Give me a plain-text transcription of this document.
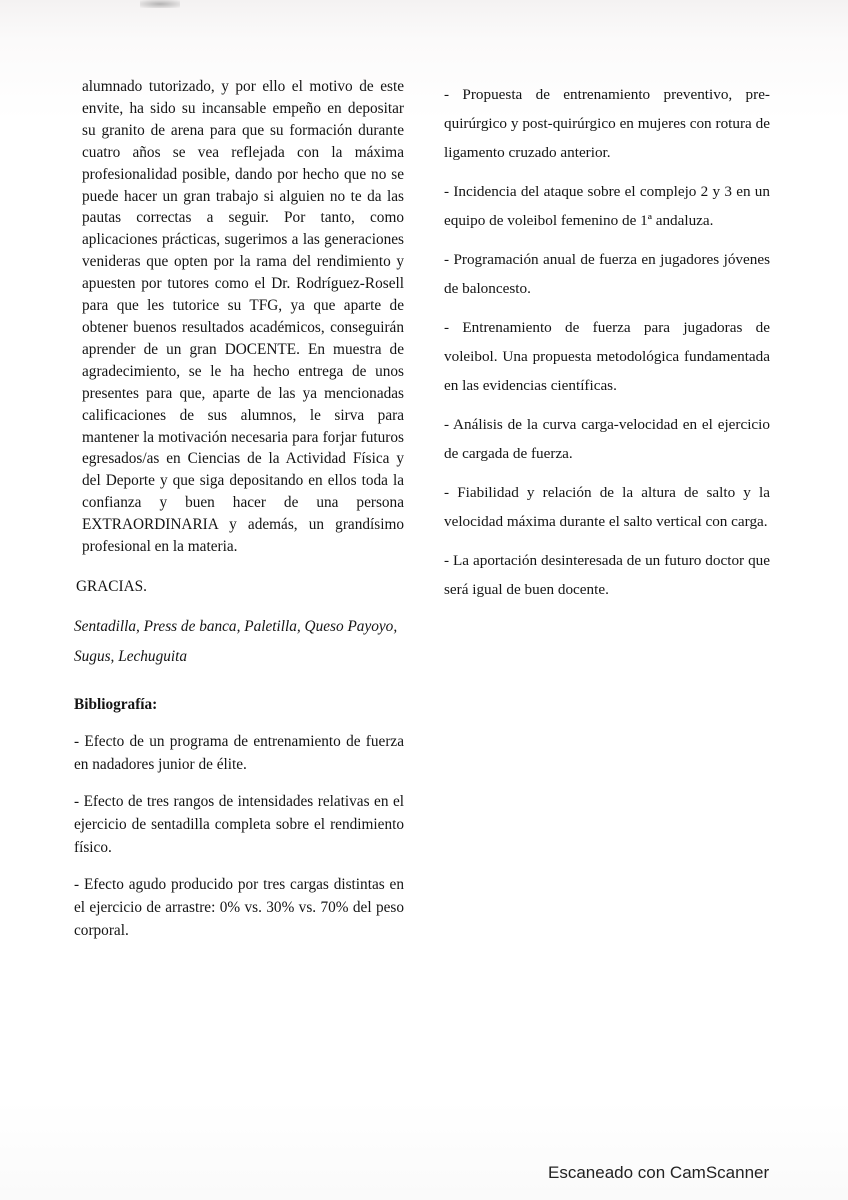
alumnado tutorizado, y por ello el motivo de este envite, ha sido su incansable empeño en depositar su granito de arena para que su formación durante cuatro años se vea reflejada con la máxima profesionalidad posible, dando por hecho que no se puede hacer un gran trabajo si alguien no te da las pautas correctas a seguir. Por tanto, como aplicaciones prácticas, sugerimos a las generaciones venideras que opten por la rama del rendimiento y apuesten por tutores como el Dr. Rodríguez-Rosell para que les tutorice su TFG, ya que aparte de obtener buenos resultados académicos, conseguirán aprender de un gran DOCENTE. En muestra de agradecimiento, se le ha hecho entrega de unos presentes para que, aparte de las ya mencionadas calificaciones de sus alumnos, le sirva para mantener la motivación necesaria para forjar futuros egresados/as en Ciencias de la Actividad Física y del Deporte y que siga depositando en ellos toda la confianza y buen hacer de una persona EXTRAORDINARIA y además, un grandísimo profesional en la materia.

GRACIAS.

Sentadilla, Press de banca, Paletilla, Queso Payoyo, Sugus, Lechuguita

Bibliografía:

- Efecto de un programa de entrenamiento de fuerza en nadadores junior de élite.

- Efecto de tres rangos de intensidades relativas en el ejercicio de sentadilla completa sobre el rendimiento físico.

- Efecto agudo producido por tres cargas distintas en el ejercicio de arrastre: 0% vs. 30% vs. 70% del peso corporal.

- Propuesta de entrenamiento preventivo, pre-quirúrgico y post-quirúrgico en mujeres con rotura de ligamento cruzado anterior.

- Incidencia del ataque sobre el complejo 2 y 3 en un equipo de voleibol femenino de 1ª andaluza.

- Programación anual de fuerza en jugadores jóvenes de baloncesto.

- Entrenamiento de fuerza para jugadoras de voleibol. Una propuesta metodológica fundamentada en las evidencias científicas.

- Análisis de la curva carga-velocidad en el ejercicio de cargada de fuerza.

- Fiabilidad y relación de la altura de salto y la velocidad máxima durante el salto vertical con carga.

- La aportación desinteresada de un futuro doctor que será igual de buen docente.

Escaneado con CamScanner
